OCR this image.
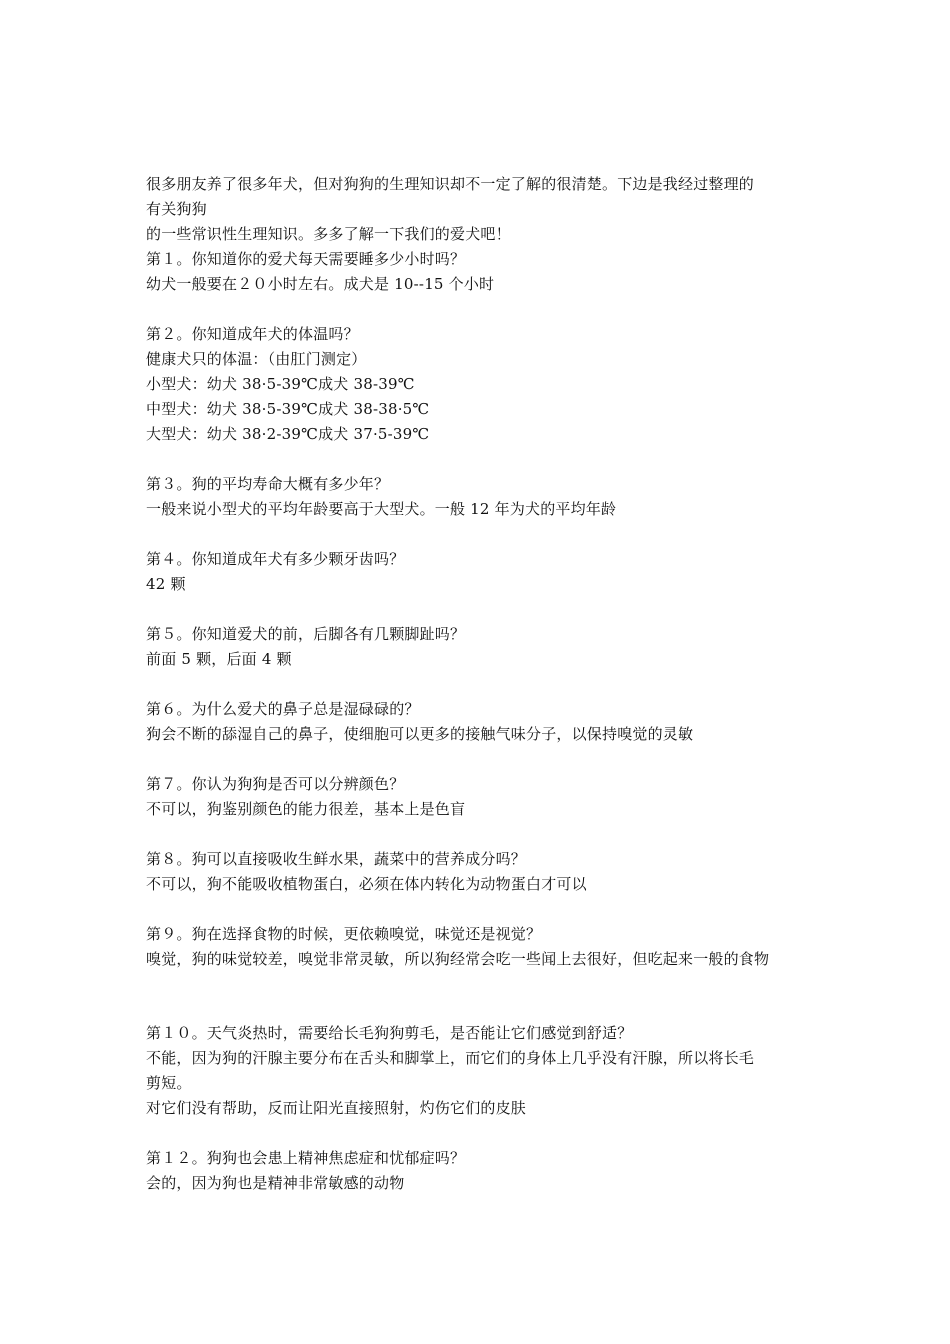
很多朋友养了很多年犬，但对狗狗的生理知识却不一定了解的很清楚。下边是我经过整理的
有关狗狗
的一些常识性生理知识。多多了解一下我们的爱犬吧！
第１。你知道你的爱犬每天需要睡多少小时吗？
幼犬一般要在２０小时左右。成犬是 10--15 个小时
第２。你知道成年犬的体温吗？
健康犬只的体温：（由肛门测定）
小型犬：幼犬 38·5-39℃成犬 38-39℃
中型犬：幼犬 38·5-39℃成犬 38-38·5℃
大型犬：幼犬 38·2-39℃成犬 37·5-39℃
第３。狗的平均寿命大概有多少年？
一般来说小型犬的平均年龄要高于大型犬。一般 12 年为犬的平均年龄
第４。你知道成年犬有多少颗牙齿吗？
42 颗
第５。你知道爱犬的前，后脚各有几颗脚趾吗？
前面 5 颗，后面 4 颗
第６。为什么爱犬的鼻子总是湿碌碌的？
狗会不断的舔湿自己的鼻子，使细胞可以更多的接触气味分子，以保持嗅觉的灵敏
第７。你认为狗狗是否可以分辨颜色？
不可以，狗鉴别颜色的能力很差，基本上是色盲
第８。狗可以直接吸收生鲜水果，蔬菜中的营养成分吗？
不可以，狗不能吸收植物蛋白，必须在体内转化为动物蛋白才可以
第９。狗在选择食物的时候，更依赖嗅觉，味觉还是视觉？
嗅觉，狗的味觉较差，嗅觉非常灵敏，所以狗经常会吃一些闻上去很好，但吃起来一般的食物
第１０。天气炎热时，需要给长毛狗狗剪毛，是否能让它们感觉到舒适？
不能，因为狗的汗腺主要分布在舌头和脚掌上，而它们的身体上几乎没有汗腺，所以将长毛
剪短。
对它们没有帮助，反而让阳光直接照射，灼伤它们的皮肤
第１２。狗狗也会患上精神焦虑症和忧郁症吗？
会的，因为狗也是精神非常敏感的动物
